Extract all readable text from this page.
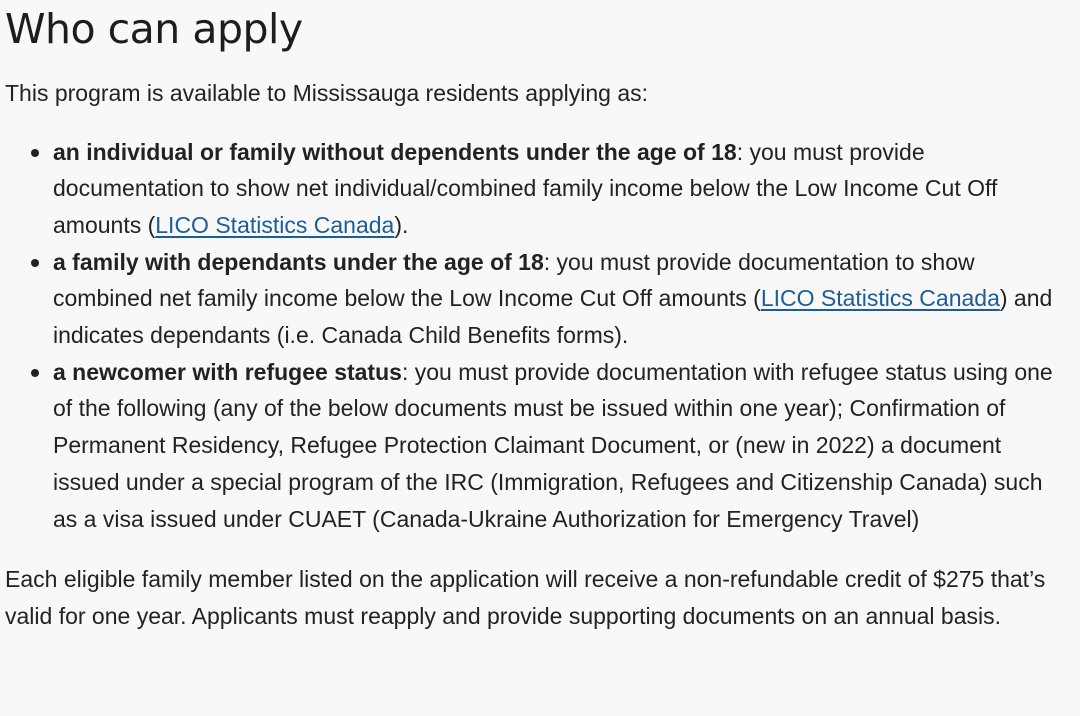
Who can apply

This program is available to Mississauga residents applying as:

an individual or family without dependents under the age of 18: you must provide documentation to show net individual/combined family income below the Low Income Cut Off amounts (LICO Statistics Canada).
a family with dependants under the age of 18: you must provide documentation to show combined net family income below the Low Income Cut Off amounts (LICO Statistics Canada) and indicates dependants (i.e. Canada Child Benefits forms).
a newcomer with refugee status: you must provide documentation with refugee status using one of the following (any of the below documents must be issued within one year); Confirmation of Permanent Residency, Refugee Protection Claimant Document, or (new in 2022) a document issued under a special program of the IRC (Immigration, Refugees and Citizenship Canada) such as a visa issued under CUAET (Canada-Ukraine Authorization for Emergency Travel)

Each eligible family member listed on the application will receive a non-refundable credit of $275 that’s valid for one year. Applicants must reapply and provide supporting documents on an annual basis.
